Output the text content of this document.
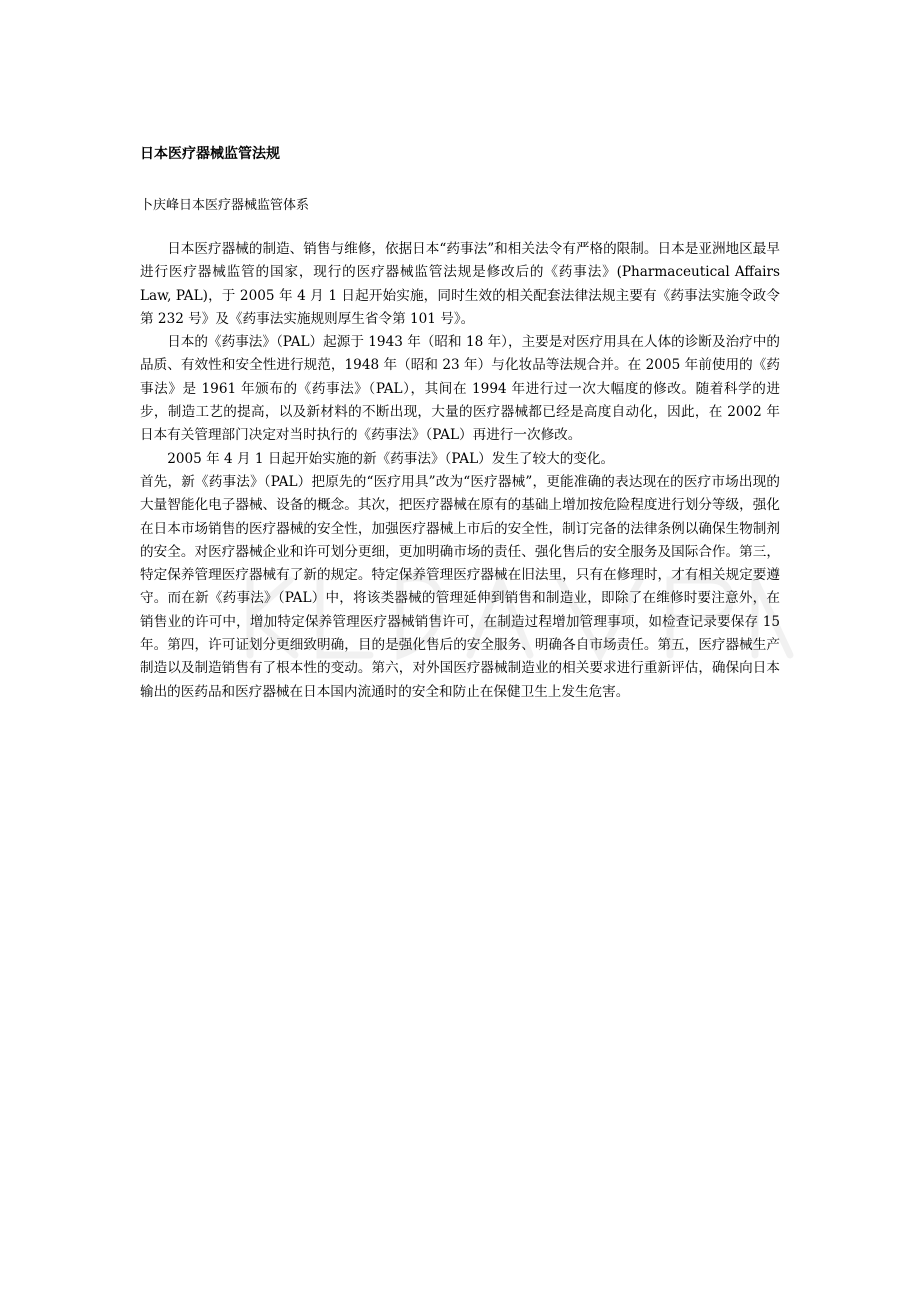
日本医疗器械监管法规

卜庆峰日本医疗器械监管体系

日本医疗器械的制造、销售与维修，依据日本“药事法”和相关法令有严格的限制。日本是亚洲地区最早进行医疗器械监管的国家，现行的医疗器械监管法规是修改后的《药事法》(Pharmaceutical Affairs Law, PAL)，于 2005 年 4 月 1 日起开始实施，同时生效的相关配套法律法规主要有《药事法实施令政令第 232 号》及《药事法实施规则厚生省令第 101 号》。

日本的《药事法》（PAL）起源于 1943 年（昭和 18 年），主要是对医疗用具在人体的诊断及治疗中的品质、有效性和安全性进行规范，1948 年（昭和 23 年）与化妆品等法规合并。在 2005 年前使用的《药事法》是 1961 年颁布的《药事法》（PAL），其间在 1994 年进行过一次大幅度的修改。随着科学的进步，制造工艺的提高，以及新材料的不断出现，大量的医疗器械都已经是高度自动化，因此，在 2002 年日本有关管理部门决定对当时执行的《药事法》（PAL）再进行一次修改。

2005 年 4 月 1 日起开始实施的新《药事法》（PAL）发生了较大的变化。

首先，新《药事法》（PAL）把原先的“医疗用具”改为“医疗器械”，更能准确的表达现在的医疗市场出现的大量智能化电子器械、设备的概念。其次，把医疗器械在原有的基础上增加按危险程度进行划分等级，强化在日本市场销售的医疗器械的安全性，加强医疗器械上市后的安全性，制订完备的法律条例以确保生物制剂的安全。对医疗器械企业和许可划分更细，更加明确市场的责任、强化售后的安全服务及国际合作。第三，特定保养管理医疗器械有了新的规定。特定保养管理医疗器械在旧法里，只有在修理时，才有相关规定要遵守。而在新《药事法》（PAL）中，将该类器械的管理延伸到销售和制造业，即除了在维修时要注意外，在销售业的许可中，增加特定保养管理医疗器械销售许可，在制造过程增加管理事项，如检查记录要保存 15 年。第四，许可证划分更细致明确，目的是强化售后的安全服务、明确各自市场责任。第五，医疗器械生产制造以及制造销售有了根本性的变动。第六，对外国医疗器械制造业的相关要求进行重新评估，确保向日本输出的医药品和医疗器械在日本国内流通时的安全和防止在保健卫生上发生危害。
